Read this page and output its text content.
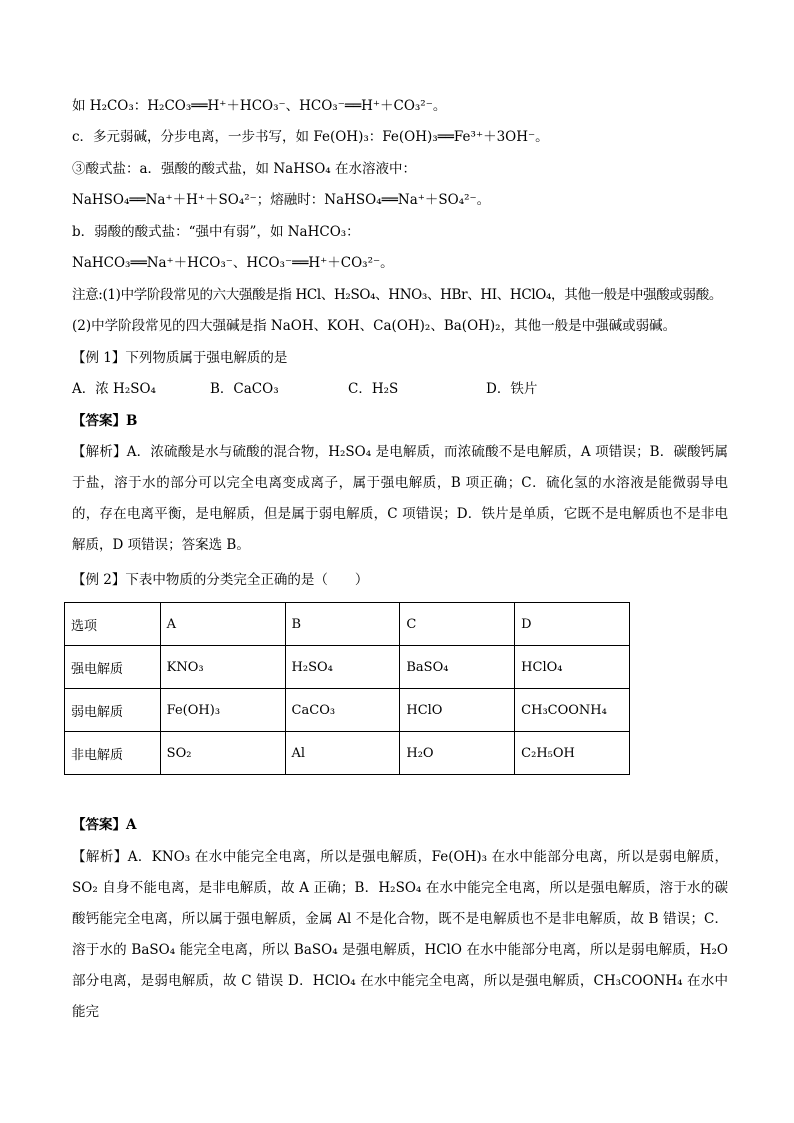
如 H₂CO₃：H₂CO₃══H⁺＋HCO₃⁻、HCO₃⁻══H⁺＋CO₃²⁻。
c．多元弱碱，分步电离，一步书写，如 Fe(OH)₃：Fe(OH)₃══Fe³⁺＋3OH⁻。
③酸式盐：a．强酸的酸式盐，如 NaHSO₄ 在水溶液中：
NaHSO₄══Na⁺＋H⁺＋SO₄²⁻；熔融时：NaHSO₄══Na⁺＋SO₄²⁻。
b．弱酸的酸式盐：“强中有弱”，如 NaHCO₃：
NaHCO₃══Na⁺＋HCO₃⁻、HCO₃⁻══H⁺＋CO₃²⁻。
注意:(1)中学阶段常见的六大强酸是指 HCl、H₂SO₄、HNO₃、HBr、HI、HClO₄，其他一般是中强酸或弱酸。
(2)中学阶段常见的四大强碱是指 NaOH、KOH、Ca(OH)₂、Ba(OH)₂，其他一般是中强碱或弱碱。
【例 1】下列物质属于强电解质的是
A．浓 H₂SO₄	B．CaCO₃	C．H₂S	D．铁片
【答案】B
【解析】A．浓硫酸是水与硫酸的混合物，H₂SO₄ 是电解质，而浓硫酸不是电解质，A 项错误；B．碳酸钙属于盐，溶于水的部分可以完全电离变成离子，属于强电解质，B 项正确；C．硫化氢的水溶液是能微弱导电的，存在电离平衡，是电解质，但是属于弱电解质，C 项错误；D．铁片是单质，它既不是电解质也不是非电解质，D 项错误；答案选 B。
【例 2】下表中物质的分类完全正确的是（　　）
选项	A	B	C	D
强电解质	KNO₃	H₂SO₄	BaSO₄	HClO₄
弱电解质	Fe(OH)₃	CaCO₃	HClO	CH₃COONH₄
非电解质	SO₂	Al	H₂O	C₂H₅OH
【答案】A
【解析】A．KNO₃ 在水中能完全电离，所以是强电解质，Fe(OH)₃ 在水中能部分电离，所以是弱电解质，SO₂ 自身不能电离，是非电解质，故 A 正确；B．H₂SO₄ 在水中能完全电离，所以是强电解质，溶于水的碳酸钙能完全电离，所以属于强电解质，金属 Al 不是化合物，既不是电解质也不是非电解质，故 B 错误；C．溶于水的 BaSO₄ 能完全电离，所以 BaSO₄ 是强电解质，HClO 在水中能部分电离，所以是弱电解质，H₂O 部分电离，是弱电解质，故 C 错误 D．HClO₄ 在水中能完全电离，所以是强电解质，CH₃COONH₄ 在水中能完
